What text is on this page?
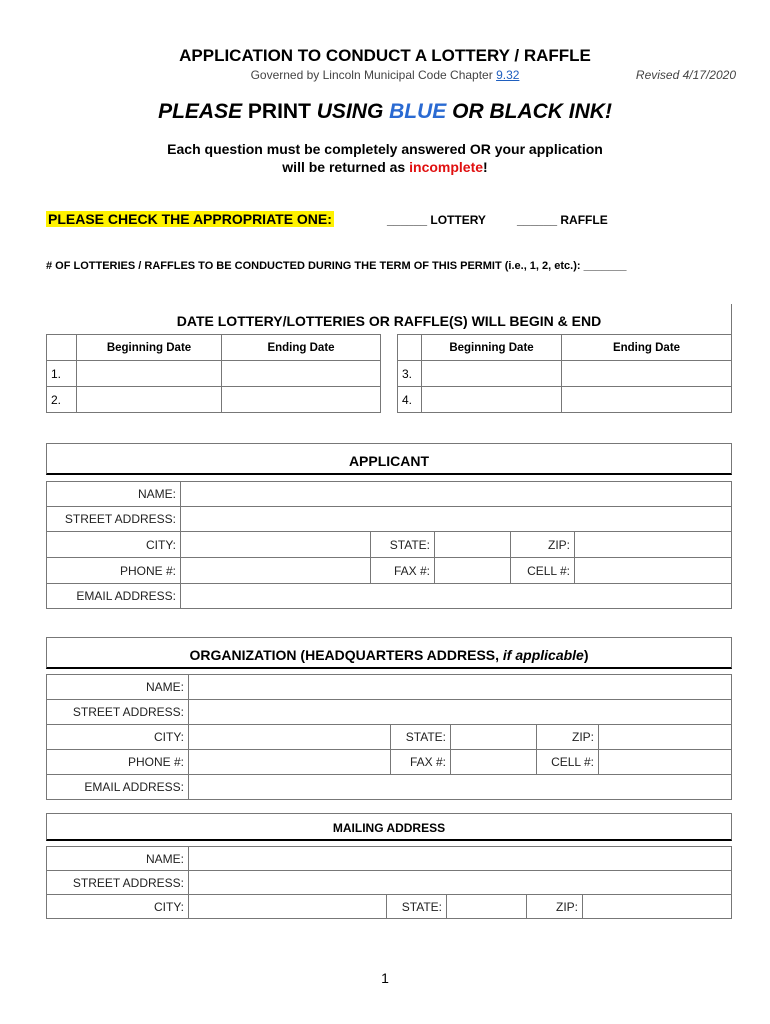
APPLICATION TO CONDUCT A LOTTERY / RAFFLE
Governed by Lincoln Municipal Code Chapter 9.32	Revised 4/17/2020
PLEASE PRINT USING BLUE OR BLACK INK!
Each question must be completely answered OR your application
will be returned as incomplete!
PLEASE CHECK THE APPROPRIATE ONE:	______ LOTTERY	______ RAFFLE
# OF LOTTERIES / RAFFLES TO BE CONDUCTED DURING THE TERM OF THIS PERMIT (i.e., 1, 2, etc.): _______
DATE LOTTERY/LOTTERIES OR RAFFLE(S) WILL BEGIN & END
	Beginning Date	Ending Date
1.		
2.		
	Beginning Date	Ending Date
3.		
4.		
APPLICANT
NAME:					
STREET ADDRESS:					
CITY:		STATE:		ZIP:	
PHONE #:		FAX #:		CELL #:	
EMAIL ADDRESS:					
ORGANIZATION (HEADQUARTERS ADDRESS, if applicable)
NAME:					
STREET ADDRESS:					
CITY:		STATE:		ZIP:	
PHONE #:		FAX #:		CELL #:	
EMAIL ADDRESS:					
MAILING ADDRESS
NAME:					
STREET ADDRESS:					
CITY:		STATE:		ZIP:	
1
